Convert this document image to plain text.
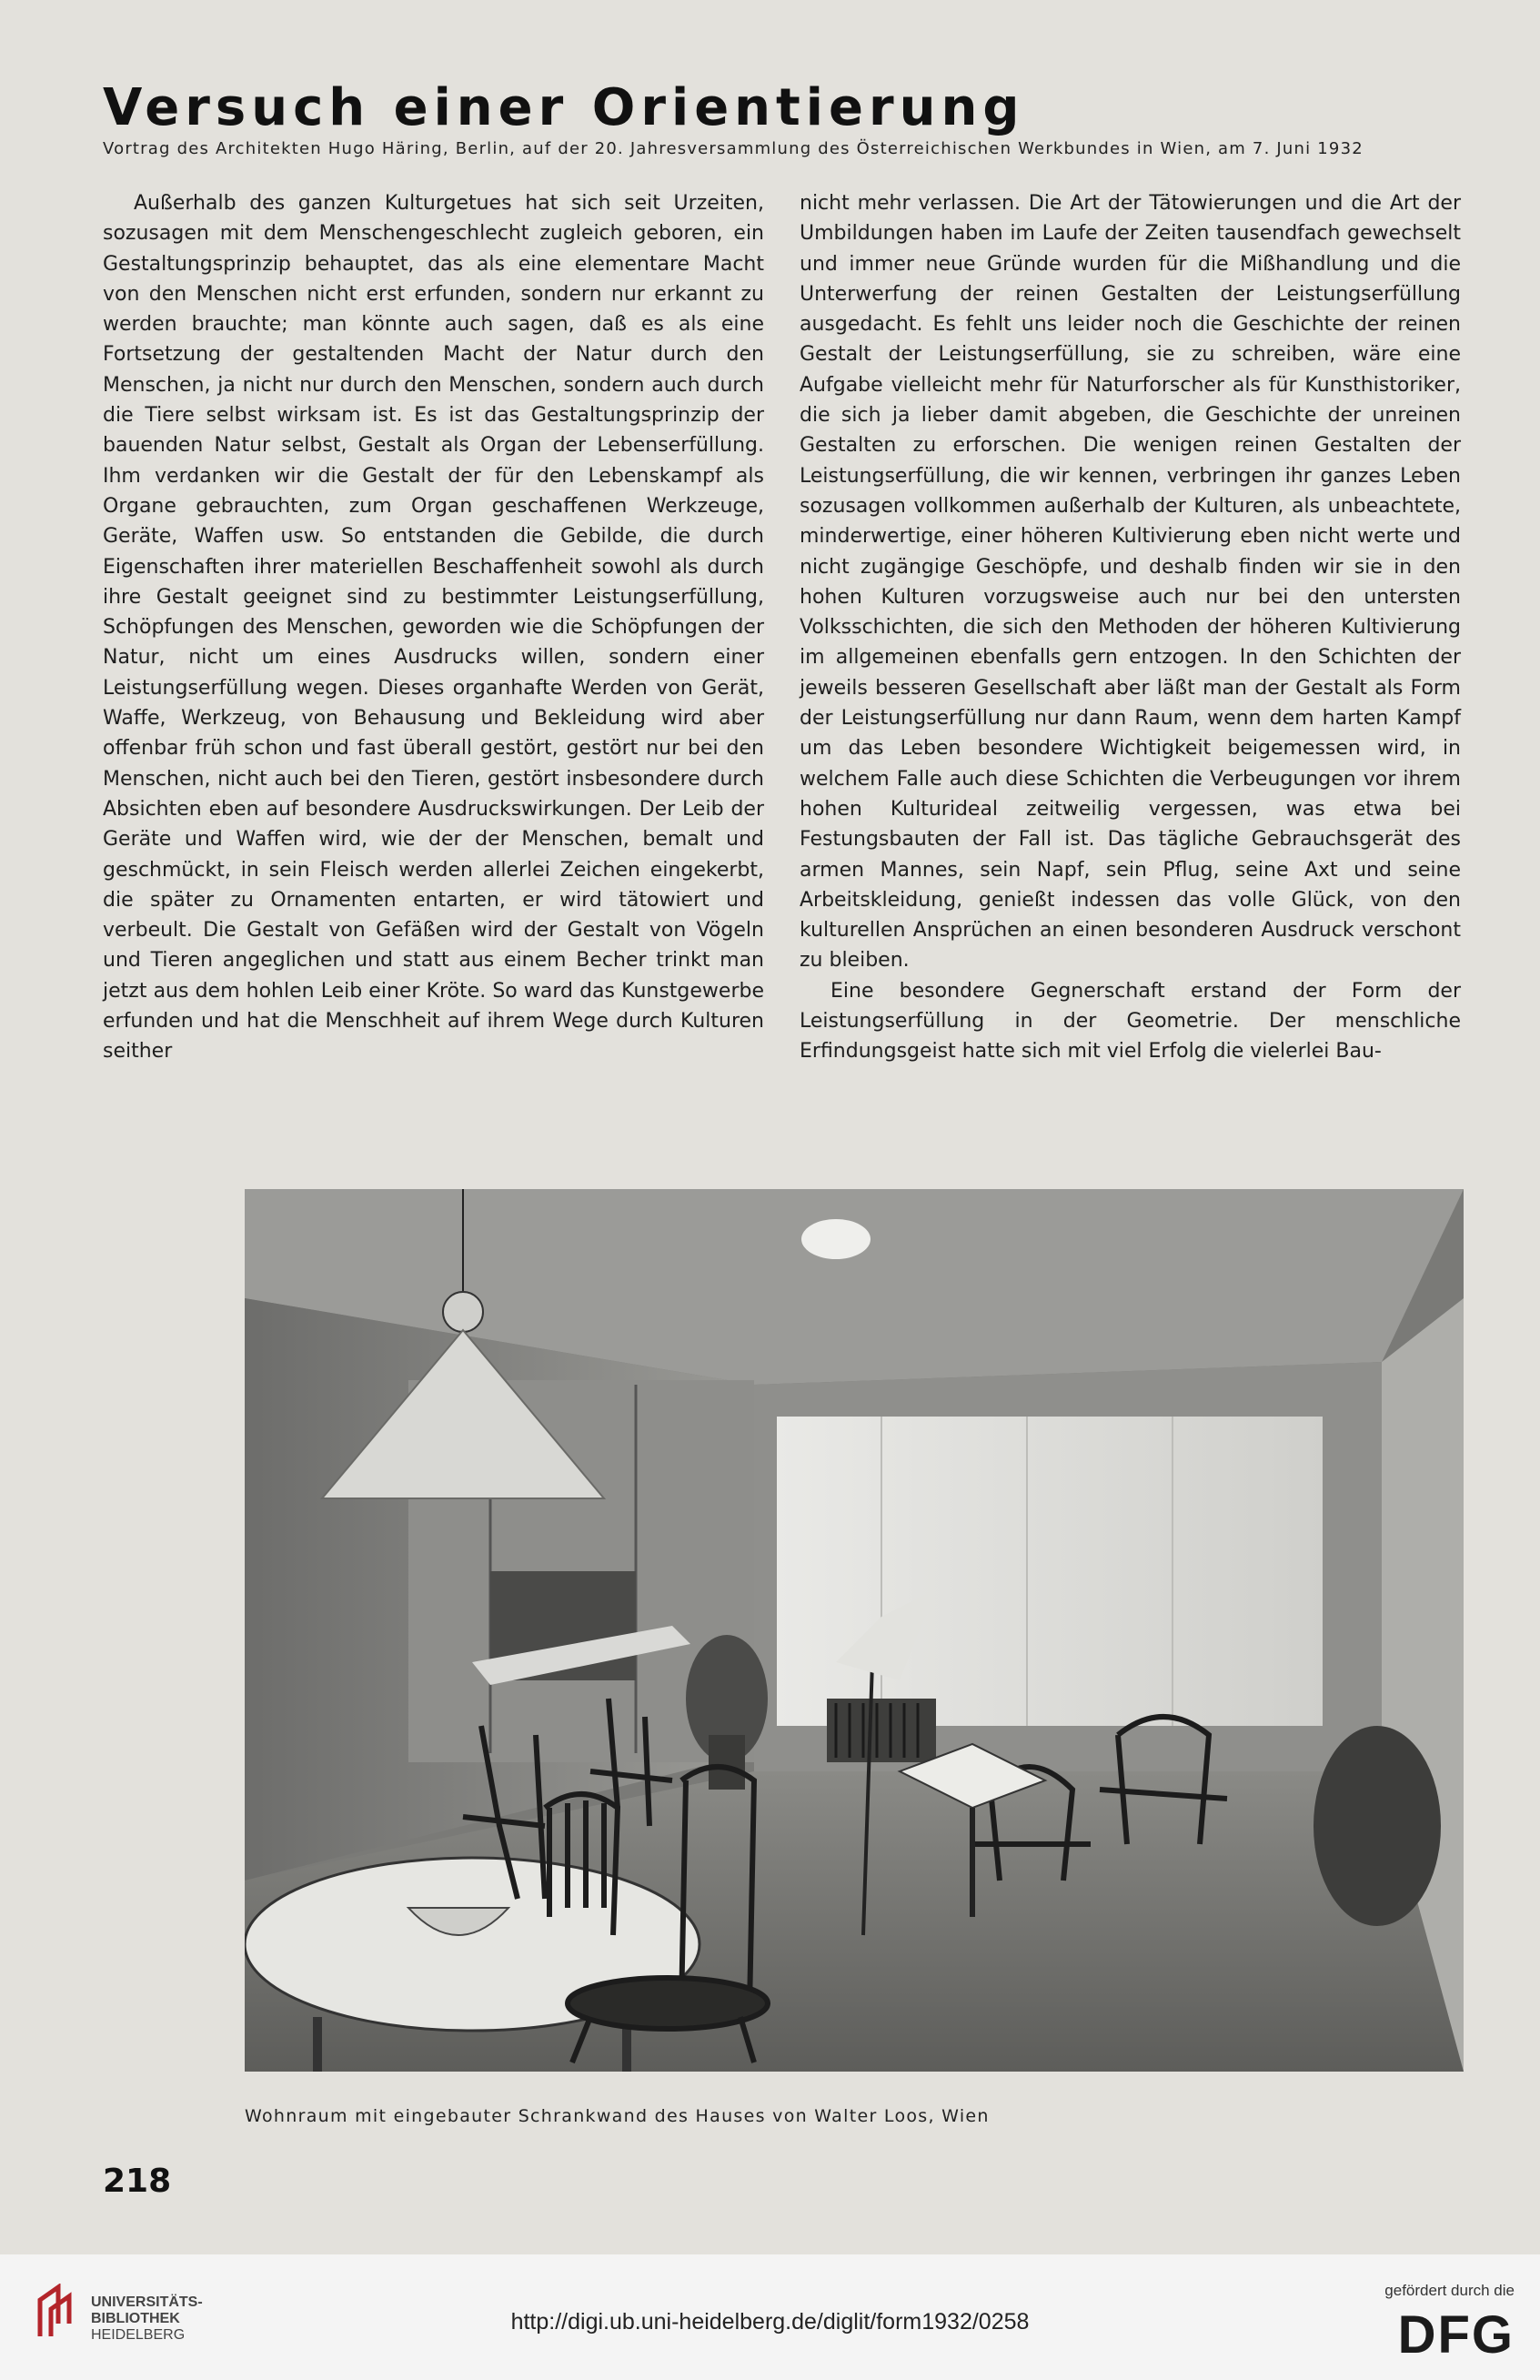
Versuch einer Orientierung
Vortrag des Architekten Hugo Häring, Berlin, auf der 20. Jahresversammlung des Österreichischen Werkbundes in Wien, am 7. Juni 1932

Außerhalb des ganzen Kulturgetues hat sich seit Urzeiten, sozusagen mit dem Menschengeschlecht zugleich geboren, ein Gestaltungsprinzip behauptet, das als eine elementare Macht von den Menschen nicht erst erfunden, sondern nur erkannt zu werden brauchte; man könnte auch sagen, daß es als eine Fortsetzung der gestaltenden Macht der Natur durch den Menschen, ja nicht nur durch den Menschen, sondern auch durch die Tiere selbst wirksam ist. Es ist das Gestaltungsprinzip der bauenden Natur selbst, Gestalt als Organ der Lebenserfüllung. Ihm verdanken wir die Gestalt der für den Lebenskampf als Organe gebrauchten, zum Organ geschaffenen Werkzeuge, Geräte, Waffen usw. So entstanden die Gebilde, die durch Eigenschaften ihrer materiellen Beschaffenheit sowohl als durch ihre Gestalt geeignet sind zu bestimmter Leistungserfüllung, Schöpfungen des Menschen, geworden wie die Schöpfungen der Natur, nicht um eines Ausdrucks willen, sondern einer Leistungserfüllung wegen. Dieses organhafte Werden von Gerät, Waffe, Werkzeug, von Behausung und Bekleidung wird aber offenbar früh schon und fast überall gestört, gestört nur bei den Menschen, nicht auch bei den Tieren, gestört insbesondere durch Absichten eben auf besondere Ausdruckswirkungen. Der Leib der Geräte und Waffen wird, wie der der Menschen, bemalt und geschmückt, in sein Fleisch werden allerlei Zeichen eingekerbt, die später zu Ornamenten entarten, er wird tätowiert und verbeult. Die Gestalt von Gefäßen wird der Gestalt von Vögeln und Tieren angeglichen und statt aus einem Becher trinkt man jetzt aus dem hohlen Leib einer Kröte. So ward das Kunstgewerbe erfunden und hat die Menschheit auf ihrem Wege durch Kulturen seither

nicht mehr verlassen. Die Art der Tätowierungen und die Art der Umbildungen haben im Laufe der Zeiten tausendfach gewechselt und immer neue Gründe wurden für die Mißhandlung und die Unterwerfung der reinen Gestalten der Leistungserfüllung ausgedacht. Es fehlt uns leider noch die Geschichte der reinen Gestalt der Leistungserfüllung, sie zu schreiben, wäre eine Aufgabe vielleicht mehr für Naturforscher als für Kunsthistoriker, die sich ja lieber damit abgeben, die Geschichte der unreinen Gestalten zu erforschen. Die wenigen reinen Gestalten der Leistungserfüllung, die wir kennen, verbringen ihr ganzes Leben sozusagen vollkommen außerhalb der Kulturen, als unbeachtete, minderwertige, einer höheren Kultivierung eben nicht werte und nicht zugängige Geschöpfe, und deshalb finden wir sie in den hohen Kulturen vorzugsweise auch nur bei den untersten Volksschichten, die sich den Methoden der höheren Kultivierung im allgemeinen ebenfalls gern entzogen. In den Schichten der jeweils besseren Gesellschaft aber läßt man der Gestalt als Form der Leistungserfüllung nur dann Raum, wenn dem harten Kampf um das Leben besondere Wichtigkeit beigemessen wird, in welchem Falle auch diese Schichten die Verbeugungen vor ihrem hohen Kulturideal zeitweilig vergessen, was etwa bei Festungsbauten der Fall ist. Das tägliche Gebrauchsgerät des armen Mannes, sein Napf, sein Pflug, seine Axt und seine Arbeitskleidung, genießt indessen das volle Glück, von den kulturellen Ansprüchen an einen besonderen Ausdruck verschont zu bleiben.

Eine besondere Gegnerschaft erstand der Form der Leistungserfüllung in der Geometrie. Der menschliche Erfindungsgeist hatte sich mit viel Erfolg die vielerlei Bau-

Wohnraum mit eingebauter Schrankwand des Hauses von Walter Loos, Wien
218
UNIVERSITÄTS-
BIBLIOTHEK
HEIDELBERG
http://digi.ub.uni-heidelberg.de/diglit/form1932/0258
gefördert durch die
DFG
